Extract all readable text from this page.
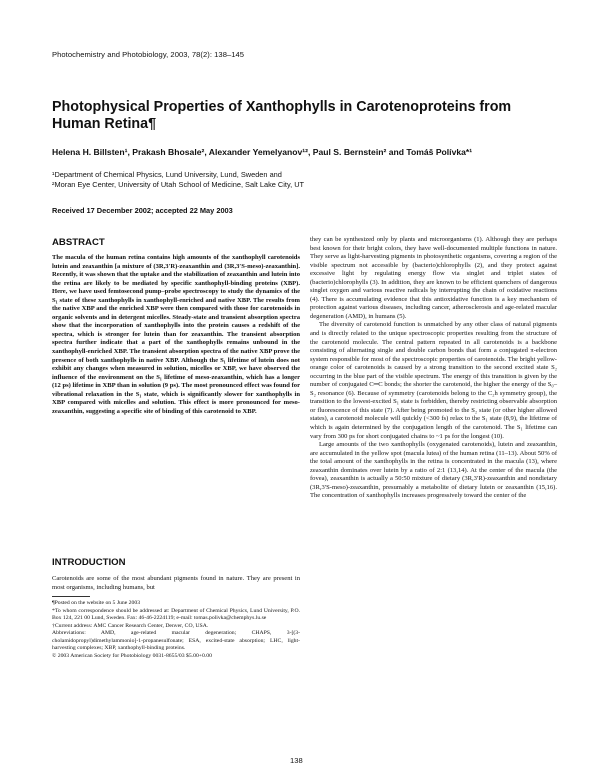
Photochemistry and Photobiology, 2003, 78(2): 138–145
Photophysical Properties of Xanthophylls in Carotenoproteins from Human Retina¶
Helena H. Billsten¹, Prakash Bhosale², Alexander Yemelyanov¹², Paul S. Bernstein² and Tomáš Polívka*¹
¹Department of Chemical Physics, Lund University, Lund, Sweden and
²Moran Eye Center, University of Utah School of Medicine, Salt Lake City, UT
Received 17 December 2002; accepted 22 May 2003
ABSTRACT
The macula of the human retina contains high amounts of the xanthophyll carotenoids lutein and zeaxanthin [a mixture of (3R,3′R)-zeaxanthin and (3R,3′S-meso)-zeaxanthin]. Recently, it was shown that the uptake and the stabilization of zeaxanthin and lutein into the retina are likely to be mediated by specific xanthophyll-binding proteins (XBP). Here, we have used femtosecond pump–probe spectroscopy to study the dynamics of the S₁ state of these xanthophylls in xanthophyll-enriched and native XBP. The results from the native XBP and the enriched XBP were then compared with those for carotenoids in organic solvents and in detergent micelles. Steady-state and transient absorption spectra show that the incorporation of xanthophylls into the protein causes a redshift of the spectra, which is stronger for lutein than for zeaxanthin. The transient absorption spectra further indicate that a part of the xanthophylls remains unbound in the xanthophyll-enriched XBP. The transient absorption spectra of the native XBP prove the presence of both xanthophylls in native XBP. Although the S₁ lifetime of lutein does not exhibit any changes when measured in solution, micelles or XBP, we have observed the influence of the environment on the S₁ lifetime of meso-zeaxanthin, which has a longer (12 ps) lifetime in XBP than in solution (9 ps). The most pronounced effect was found for vibrational relaxation in the S₁ state, which is significantly slower for xanthophylls in XBP compared with micelles and solution. This effect is more pronounced for meso-zeaxanthin, suggesting a specific site of binding of this carotenoid to XBP.
INTRODUCTION
Carotenoids are some of the most abundant pigments found in nature. They are present in most organisms, including humans, but
¶Posted on the website on 5 June 2003
*To whom correspondence should be addressed at: Department of Chemical Physics, Lund University, P.O. Box 124, 221 00 Lund, Sweden. Fax: 46-46-2224119; e-mail: tomas.polivka@chemphys.lu.se
†Current address: AMC Cancer Research Center, Denver, CO, USA.
Abbreviations: AMD, age-related macular degeneration; CHAPS, 3-[(3-cholamidopropyl)dimethylammonio]-1-propanesulfonate; ESA, excited-state absorption; LHC, light-harvesting complexes; XBP, xanthophyll-binding proteins.
© 2003 American Society for Photobiology 0031-8655/03 $5.00+0.00

they can be synthesized only by plants and microorganisms (1). Although they are perhaps best known for their bright colors, they have well-documented multiple functions in nature. They serve as light-harvesting pigments in photosynthetic organisms, covering a region of the visible spectrum not accessible by (bacterio)chlorophylls (2), and they protect against excessive light by regulating energy flow via singlet and triplet states of (bacterio)chlorophylls (3). In addition, they are known to be efficient quenchers of dangerous singlet oxygen and various reactive radicals by interrupting the chain of oxidative reactions (4). There is accumulating evidence that this antioxidative function is a key mechanism of protection against various diseases, including cancer, atherosclerosis and age-related macular degeneration (AMD), in humans (5).

The diversity of carotenoid function is unmatched by any other class of natural pigments and is directly related to the unique spectroscopic properties resulting from the structure of the carotenoid molecule. The central pattern repeated in all carotenoids is a backbone consisting of alternating single and double carbon bonds that form a conjugated π-electron system responsible for most of the spectroscopic properties of carotenoids. The bright yellow-orange color of carotenoids is caused by a strong transition to the second excited state S₂ occurring in the blue part of the visible spectrum. The energy of this transition is given by the number of conjugated C═C bonds; the shorter the carotenoid, the higher the energy of the S₀–S₂ resonance (6). Because of symmetry (carotenoids belong to the C₂h symmetry group), the transition to the lowest-excited S₁ state is forbidden, thereby restricting observable absorption or fluorescence of this state (7). After being promoted to the S₂ state (or other higher allowed states), a carotenoid molecule will quickly (<300 fs) relax to the S₁ state (8,9), the lifetime of which is again determined by the conjugation length of the carotenoid. The S₁ lifetime can vary from 300 ps for short conjugated chains to ~1 ps for the longest (10).

Large amounts of the two xanthophylls (oxygenated carotenoids), lutein and zeaxanthin, are accumulated in the yellow spot (macula lutea) of the human retina (11–13). About 50% of the total amount of the xanthophylls in the retina is concentrated in the macula (13), where zeaxanthin dominates over lutein by a ratio of 2:1 (13,14). At the center of the macula (the fovea), zeaxanthin is actually a 50:50 mixture of dietary (3R,3′R)-zeaxanthin and nondietary (3R,3′S-meso)-zeaxanthin, presumably a metabolite of dietary lutein or zeaxanthin (15,16). The concentration of xanthophylls increases progressively toward the center of the

138
